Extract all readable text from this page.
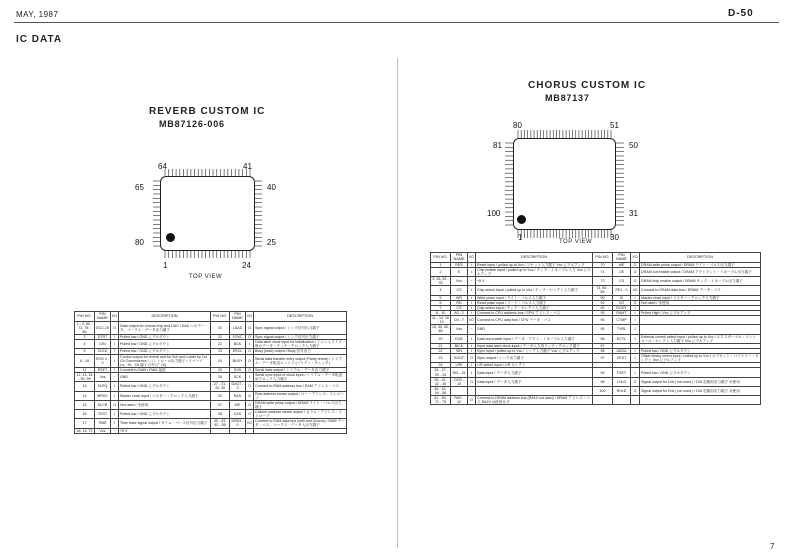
MAY, 1987	D-50
IC DATA
7
REVERB CUSTOM IC
MB87126-006
64	41
65	40
80	25
1	24
TOP VIEW
PIN NO.	PIN NAME	I/O	DESCRIPTION	PIN NO.	PIN NAME	I/O	DESCRIPTION
1 - 2, 60 - 72, 75 - 80	DCC-15	O	Data output for chorus chip and DAC / DAC へのデータ、コーラス・データ出力端子	20	LDAD	O	Sync signal output / シンク信号出力端子
3	DTRT	I	Pulled low / GND にプルダウン	21	SYNC	O	Sync signal output / シンク信号出力端子
4	DIN	I	Pulled low / GND にプルダウン	22	BCK	I	Data latch clock input for initialization / イニシャライズ時のデータ・ラッチ・クロック入力端子
5	CLEA	I	Pulled low / GND にプルダウン	23	ERCL	O	Busy (read) output / Busy 信号出力
6 - 10	ROS 4 - 0	I	Control output for reverb and for Sch and Lower by 1st Ch Convenience / コントロール出力端子 / リバーブ Lo、Hi、Ch 端子 (ｱｸﾃｨﾌﾞ Hi)	24	BUSY	O	Serial data transfer entry output (Parity check) / シリアル・データ転送エントリ (パリティ・チェック)
11	RSET	I	Connect to RAM / RAM 接続	25	SXD	O	Serial data output / シリアル・データ出力端子
12, 13, 16 - 50, 59	Vss	−	GND	26	SCK	I	Serial sync input or clock input / シリアル・データ転送用クロック入力端子
13	SLRQ	I	Pulled low / GND にプルダウン	27 - 31, 33, 35	DAO7 - 3	O	Connect to RAM address bus / RAM アドレス・バス
14	MRCK	I	Master clock input / マスター・クロック入力端子	32	RAS	O	Row address strobe output / ロー・アドレス・ストローブ
15	SLCR	O	Not used / 未使用	37	WE	O	DRAM write pulse output / DRAM ライト・パルス出力端子
16	TEST	I	Pulled low / GND にプルダウン	38	CAS	O	Column address strobe output / カラム・アドレス・ストローブ
17	TIME	I	Time base signal output / タイム・ベース信号出力端子	40 - 43, 52 - 55	DRD3 - 0	I/O	Connect to RAM data bus (with and Chorus) / RAM データ・バス、コーラス・データ入出力端子
18, 19, 73	Vcc	−	+5 V				
CHORUS CUSTOM IC
MB87137
80	51
81	50
100	31
1	30
TOP VIEW
PIN NO.	PIN NAME	I/O	DESCRIPTION	PIN NO.	PIN NAME	I/O	DESCRIPTION
1	RES	I	Reset input / pulled up to Vcc / リセット入力端子 Vcc にプルアップ	70	WE	O	DRAM write pulse output / DRAM ライト・パルス出力端子
2	E	I	Chip enable input / pulled up to Vcc / チップ・イネーブル入力 Vcc にプルアップ	71	OE	O	DRAM out enable output / DRAM アウトプット・イネーブル出力端子
3, 28, 53 - 78	Vcc	−	+5 V	73	CS	O	DRAM chip enable output / DRAM チップ・イネーブル出力端子
4	CS	I	Chip select input / pulled up to Vcc / チップ・セレクト入力端子	74, 80 - 89	PE1 - 0	I/O	Connect to DRAM data bus / DRAM データ・バス
5	WR	I	Write pulse input / ライト・パルス入力端子	90	XI	I	Master clock input / マスター・クロック入力端子
6	RD	I	Read pulse input / リード・パルス入力端子	91	XO	O	Not used / 未使用
7	CS	I	Chip select input / チップ・セレクト入力端子	92	RCMT	I	
8 - 10	A0 - 2	I	Connect to CPU address bus / CPU アドレス・バス	93	RAMT	I	Pulled High / Vcc にプルアップ
11 - 14, 16 - 19	D0 - 7	I/O	Connect to CPU data bus / CPU データ・バス	94	CTMP	I	
15, 35, 60, 85	Vss	−	GND	95	TVRL	I	
20	DOE	I	Data out enable input / データ・アウト・イネーブル入力端子	96	ECTL	I	External control select input / pulled up to Vcc / エクスターナル・コントロール・セレクト入力端子 Vcc にプルアップ
21	BICK	I	Input data latch clock input / データ入力用ラッチ・クロック端子	97			
22	SIN	I	Sync input / pulled up to Vcc / シンク入力端子 Vcc にプルアップ	98	ADDA	I	Pulled low / GND にプルダウン
23	SOUT	O	Sync output / シンク出力端子	97	OFST	I	Offset binary select input / pulled up to Vcc / オフセット・バイナリー・セレクト Vcc にプルアップ
24	LRE	I	L/R select input / L/R セレクト				
25 - 27, 29 - 34	DI0 - 15	I	Data input / データ入力端子	99	FSET	I	Pulled low / GND にプルダウン
36 - 41, 42 - 45	DO0 - 15	O	Data input / データ入力端子	98	LHLD	O	Signal output for D/A ( not used ) / D/A 変換用出力端子 未使用
46 - 52, 54 - 58				100	RHLD	O	Signal output for D/A ( not used ) / D/A 変換用出力端子 未使用
61 - 69, 71 - 75	RA0 - 10	O	Connect to DRAM address bus (RA10 not used) / DRAM アドレス・バス RA10 は使用せず				
